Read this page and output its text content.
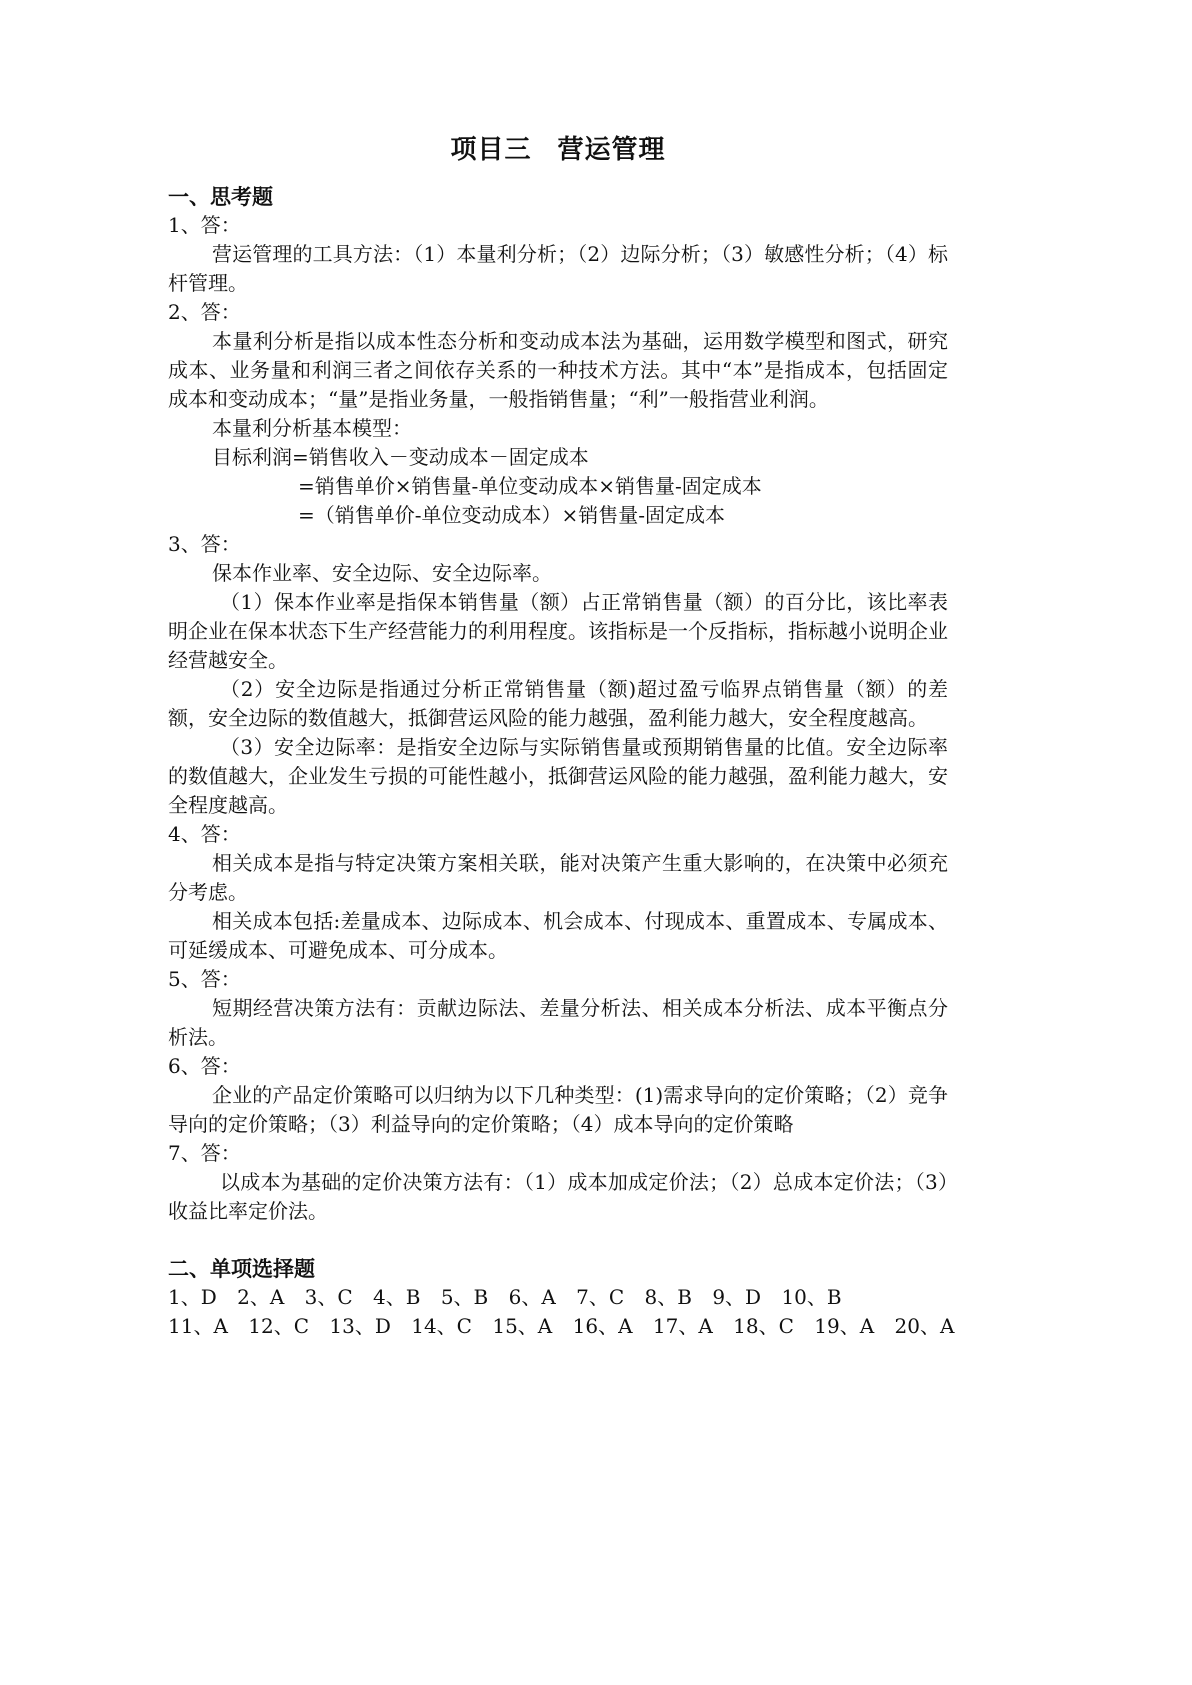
项目三 营运管理
一、思考题
1、答：
营运管理的工具方法：（1）本量利分析；（2）边际分析；（3）敏感性分析；（4）标杆管理。
2、答：
本量利分析是指以成本性态分析和变动成本法为基础，运用数学模型和图式，研究成本、业务量和利润三者之间依存关系的一种技术方法。其中“本”是指成本，包括固定成本和变动成本；“量”是指业务量，一般指销售量；“利”一般指营业利润。
本量利分析基本模型：
目标利润=销售收入－变动成本－固定成本
=销售单价×销售量-单位变动成本×销售量-固定成本
=（销售单价-单位变动成本）×销售量-固定成本
3、答：
保本作业率、安全边际、安全边际率。
（1）保本作业率是指保本销售量（额）占正常销售量（额）的百分比，该比率表明企业在保本状态下生产经营能力的利用程度。该指标是一个反指标，指标越小说明企业经营越安全。
（2）安全边际是指通过分析正常销售量（额)超过盈亏临界点销售量（额）的差额，安全边际的数值越大，抵御营运风险的能力越强，盈利能力越大，安全程度越高。
（3）安全边际率：是指安全边际与实际销售量或预期销售量的比值。安全边际率的数值越大，企业发生亏损的可能性越小，抵御营运风险的能力越强，盈利能力越大，安全程度越高。
4、答：
相关成本是指与特定决策方案相关联，能对决策产生重大影响的，在决策中必须充分考虑。
相关成本包括:差量成本、边际成本、机会成本、付现成本、重置成本、专属成本、可延缓成本、可避免成本、可分成本。
5、答：
短期经营决策方法有：贡献边际法、差量分析法、相关成本分析法、成本平衡点分析法。
6、答：
企业的产品定价策略可以归纳为以下几种类型：(1)需求导向的定价策略；（2）竞争导向的定价策略；（3）利益导向的定价策略；（4）成本导向的定价策略
7、答：
以成本为基础的定价决策方法有：（1）成本加成定价法；（2）总成本定价法；（3）收益比率定价法。
二、单项选择题
1、D 2、A 3、C 4、B 5、B 6、A 7、C 8、B 9、D 10、B
11、A 12、C 13、D 14、C 15、A 16、A 17、A 18、C 19、A 20、A
